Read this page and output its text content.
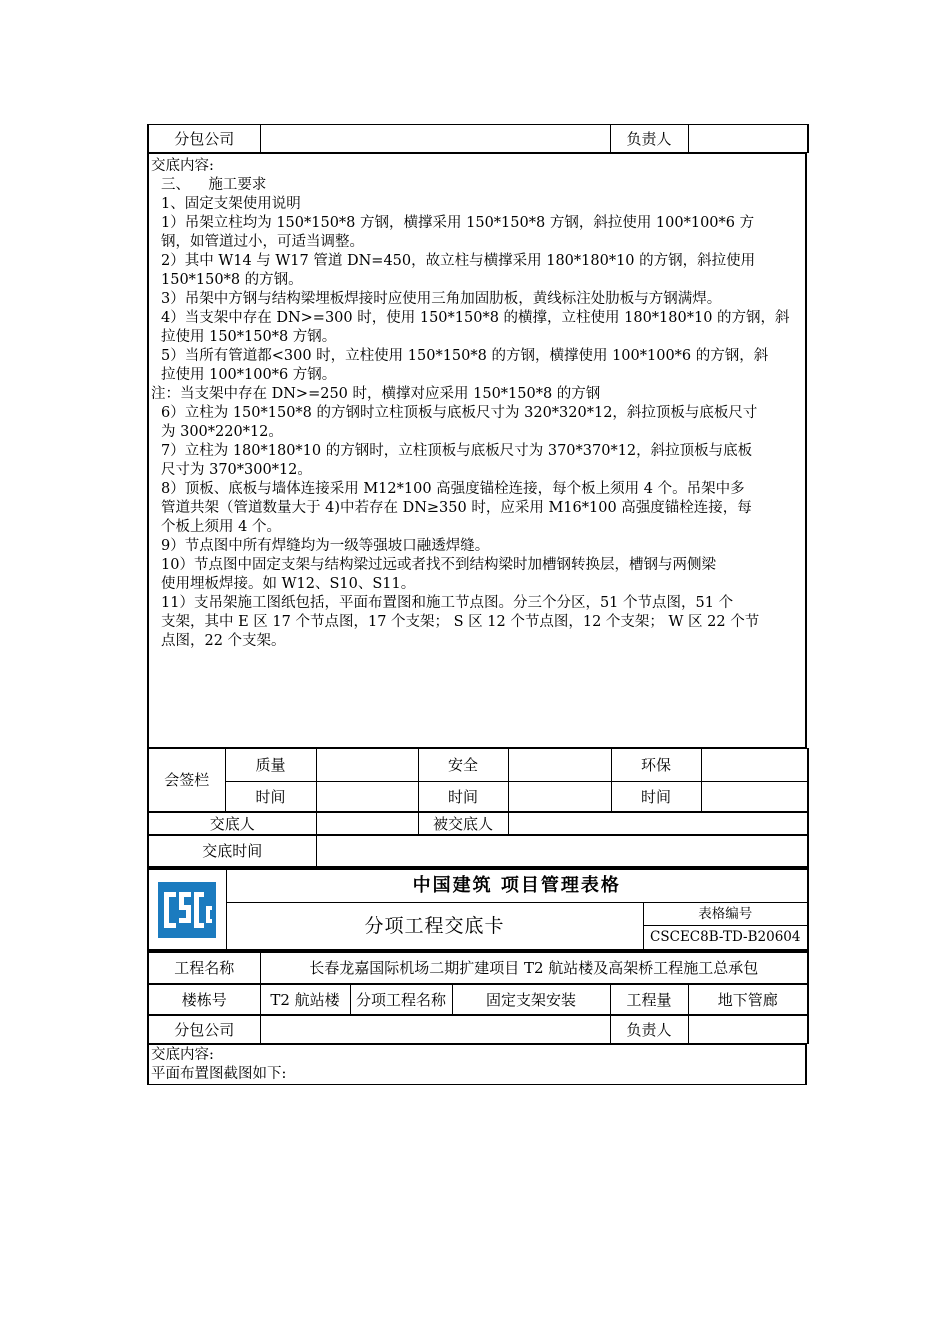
分包公司		负责人	

交底内容:

三、    施工要求

1、固定支架使用说明

1）吊架立柱均为 150*150*8 方钢，横撑采用 150*150*8 方钢，斜拉使用 100*100*6 方

钢，如管道过小，可适当调整。

2）其中 W14 与 W17 管道 DN=450，故立柱与横撑采用 180*180*10 的方钢，斜拉使用

150*150*8 的方钢。

3）吊架中方钢与结构梁埋板焊接时应使用三角加固肋板，黄线标注处肋板与方钢满焊。

4）当支架中存在 DN>=300 时，使用 150*150*8 的横撑，立柱使用 180*180*10 的方钢，斜

拉使用 150*150*8 方钢。

5）当所有管道都<300 时，立柱使用 150*150*8 的方钢，横撑使用 100*100*6 的方钢，斜

拉使用 100*100*6 方钢。

注：当支架中存在 DN>=250 时，横撑对应采用 150*150*8 的方钢

6）立柱为 150*150*8 的方钢时立柱顶板与底板尺寸为 320*320*12，斜拉顶板与底板尺寸

为 300*220*12。

7）立柱为 180*180*10 的方钢时，立柱顶板与底板尺寸为 370*370*12，斜拉顶板与底板

尺寸为 370*300*12。

8）顶板、底板与墙体连接采用 M12*100 高强度锚栓连接，每个板上须用 4 个。吊架中多

管道共架（管道数量大于 4)中若存在 DN≥350 时，应采用 M16*100 高强度锚栓连接，每

个板上须用 4 个。

9）节点图中所有焊缝均为一级等强坡口融透焊缝。

10）节点图中固定支架与结构梁过远或者找不到结构梁时加槽钢转换层，槽钢与两侧梁

使用埋板焊接。如 W12、S10、S11。

11）支吊架施工图纸包括，平面布置图和施工节点图。分三个分区，51 个节点图，51 个

支架，其中 E 区 17 个节点图，17 个支架； S 区 12 个节点图，12 个支架； W 区 22 个节

点图，22 个支架。

会签栏	质量		安全		环保	
	时间		时间		时间	
交底人		被交底人	
交底时间	
	中国建筑 项目管理表格	
	分项工程交底卡	表格编号
CSCEC8B-TD-B20604
工程名称	长春龙嘉国际机场二期扩建项目 T2 航站楼及高架桥工程施工总承包
楼栋号	T2 航站楼	分项工程名称	固定支架安装	工程量	地下管廊
分包公司		负责人	

交底内容:

平面布置图截图如下:
